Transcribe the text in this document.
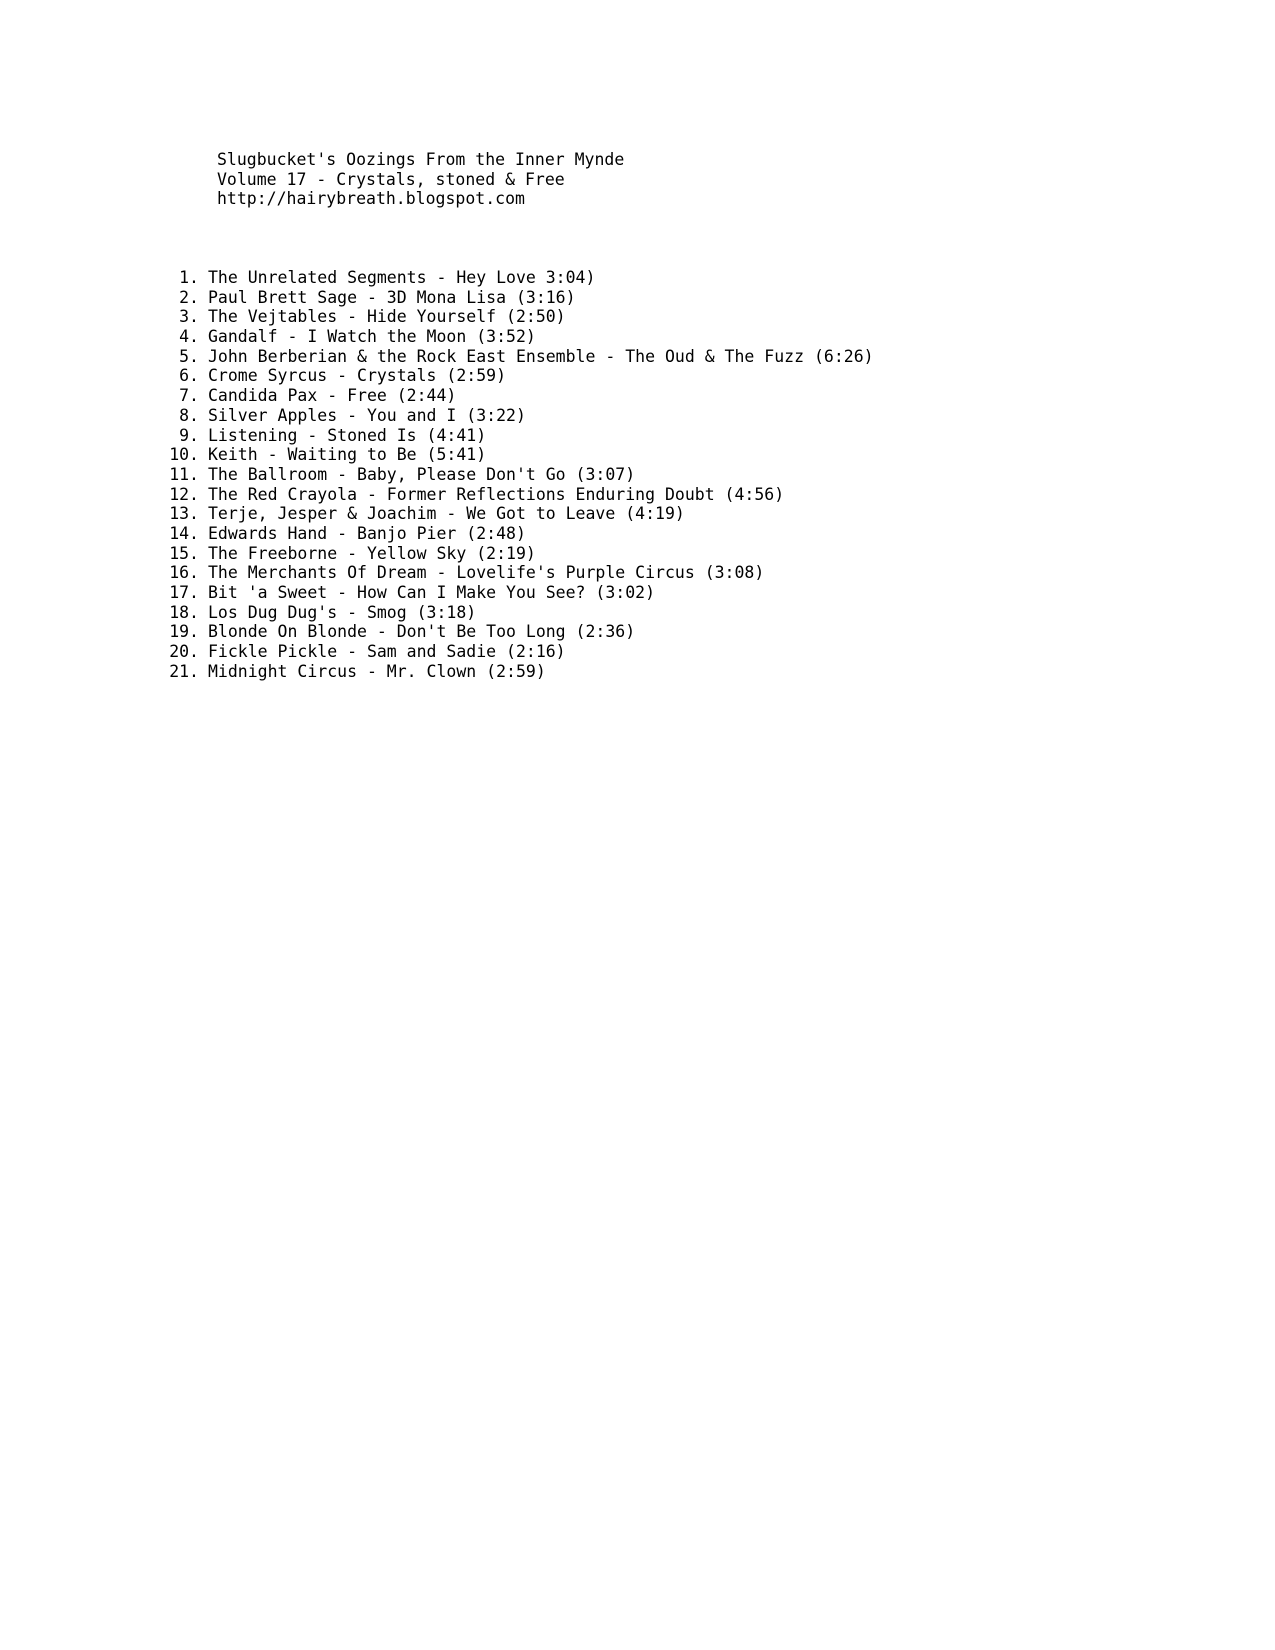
Slugbucket's Oozings From the Inner Mynde
Volume 17 - Crystals, stoned & Free
http://hairybreath.blogspot.com
1. The Unrelated Segments - Hey Love 3:04)
2. Paul Brett Sage - 3D Mona Lisa (3:16)
3. The Vejtables - Hide Yourself (2:50)
4. Gandalf - I Watch the Moon (3:52)
5. John Berberian & the Rock East Ensemble - The Oud & The Fuzz (6:26)
6. Crome Syrcus - Crystals (2:59)
7. Candida Pax - Free (2:44)
8. Silver Apples - You and I (3:22)
9. Listening - Stoned Is (4:41)
10. Keith - Waiting to Be (5:41)
11. The Ballroom - Baby, Please Don't Go (3:07)
12. The Red Crayola - Former Reflections Enduring Doubt (4:56)
13. Terje, Jesper & Joachim - We Got to Leave (4:19)
14. Edwards Hand - Banjo Pier (2:48)
15. The Freeborne - Yellow Sky (2:19)
16. The Merchants Of Dream - Lovelife's Purple Circus (3:08)
17. Bit 'a Sweet - How Can I Make You See? (3:02)
18. Los Dug Dug's - Smog (3:18)
19. Blonde On Blonde - Don't Be Too Long (2:36)
20. Fickle Pickle - Sam and Sadie (2:16)
21. Midnight Circus - Mr. Clown (2:59)
